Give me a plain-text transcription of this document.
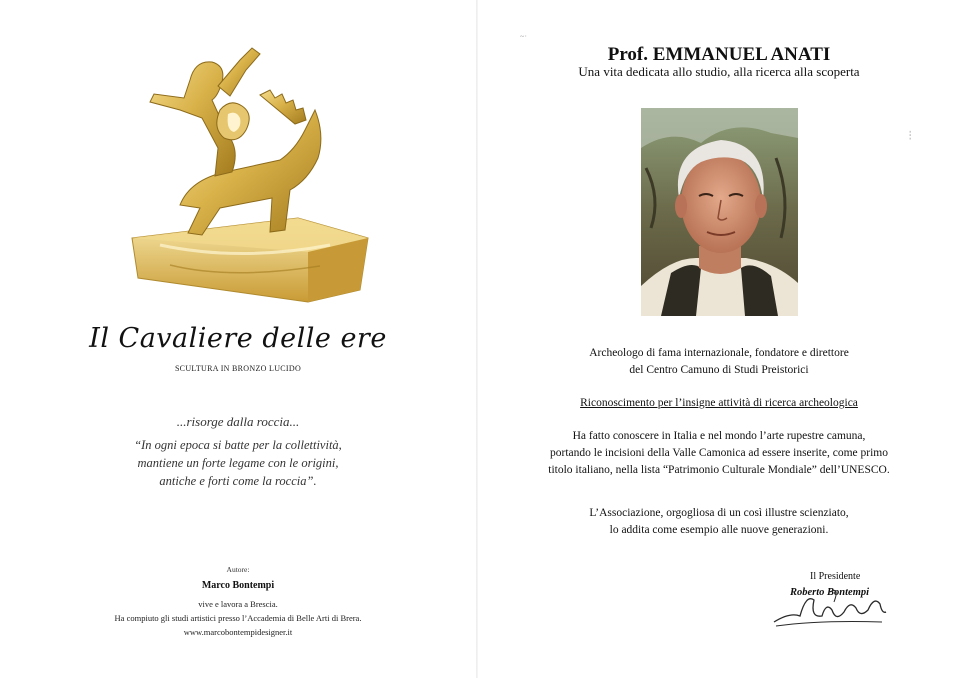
Il Cavaliere delle ere
SCULTURA IN BRONZO LUCIDO
...risorge dalla roccia...
“In ogni epoca si batte per la collettività,
mantiene un forte legame con le origini,
antiche e forti come la roccia”.
Autore:
Marco Bontempi
vive e lavora a Brescia.
Ha compiuto gli studi artistici presso l’Accademia di Belle Arti di Brera.
www.marcobontempidesigner.it
~·
⁝
Prof. EMMANUEL ANATI
Una vita dedicata allo studio, alla ricerca alla scoperta
Archeologo di fama internazionale, fondatore e direttore
del Centro Camuno di Studi Preistorici
Riconoscimento per l’insigne attività di ricerca archeologica
Ha fatto conoscere in Italia e nel mondo l’arte rupestre camuna,
portando le incisioni della Valle Camonica ad essere inserite, come primo
titolo italiano, nella lista “Patrimonio Culturale Mondiale” dell’UNESCO.
L’Associazione, orgogliosa di un così illustre scienziato,
lo addita come esempio alle nuove generazioni.
Il Presidente
Roberto Bontempi
